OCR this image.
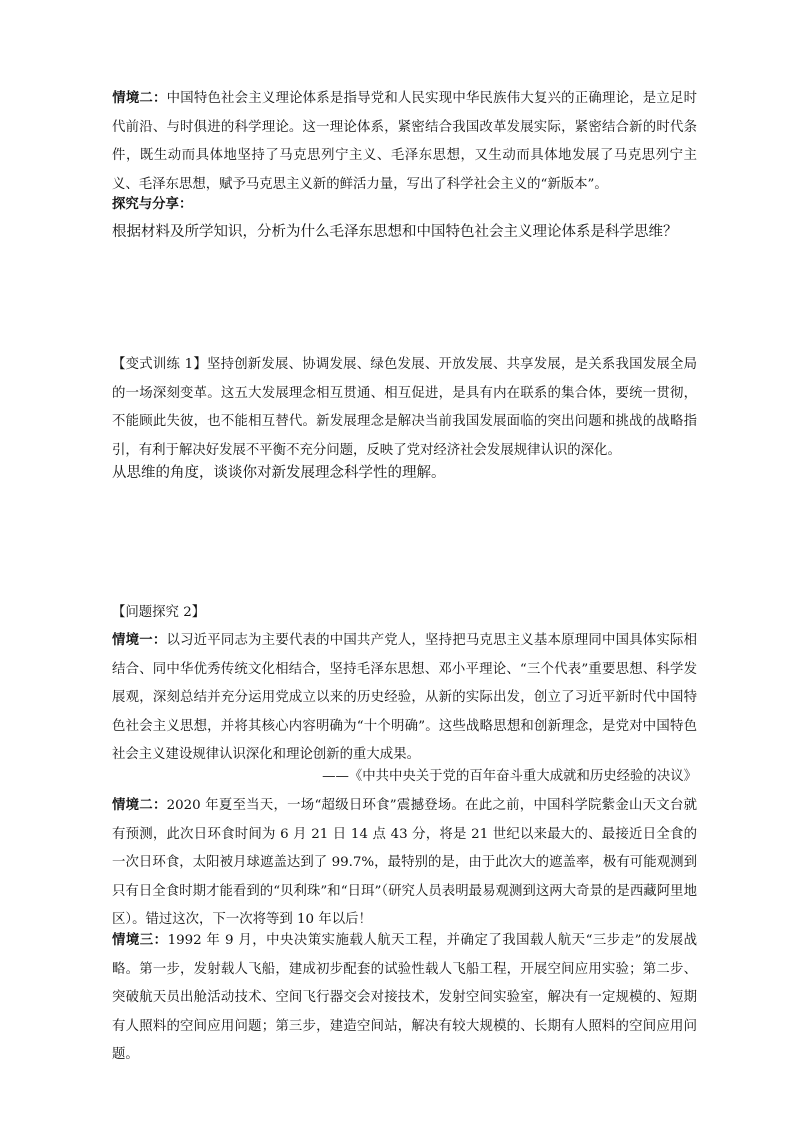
情境二：中国特色社会主义理论体系是指导党和人民实现中华民族伟大复兴的正确理论，是立足时代前沿、与时俱进的科学理论。这一理论体系，紧密结合我国改革发展实际，紧密结合新的时代条件，既生动而具体地坚持了马克思列宁主义、毛泽东思想，又生动而具体地发展了马克思列宁主义、毛泽东思想，赋予马克思主义新的鲜活力量，写出了科学社会主义的“新版本”。

探究与分享：

根据材料及所学知识，分析为什么毛泽东思想和中国特色社会主义理论体系是科学思维？

【变式训练 1】坚持创新发展、协调发展、绿色发展、开放发展、共享发展，是关系我国发展全局的一场深刻变革。这五大发展理念相互贯通、相互促进，是具有内在联系的集合体，要统一贯彻，不能顾此失彼，也不能相互替代。新发展理念是解决当前我国发展面临的突出问题和挑战的战略指引，有利于解决好发展不平衡不充分问题，反映了党对经济社会发展规律认识的深化。

从思维的角度，谈谈你对新发展理念科学性的理解。

【问题探究 2】

情境一：以习近平同志为主要代表的中国共产党人，坚持把马克思主义基本原理同中国具体实际相结合、同中华优秀传统文化相结合，坚持毛泽东思想、邓小平理论、“三个代表”重要思想、科学发展观，深刻总结并充分运用党成立以来的历史经验，从新的实际出发，创立了习近平新时代中国特色社会主义思想，并将其核心内容明确为“十个明确”。这些战略思想和创新理念，是党对中国特色社会主义建设规律认识深化和理论创新的重大成果。

——《中共中央关于党的百年奋斗重大成就和历史经验的决议》

情境二：2020 年夏至当天，一场“超级日环食”震撼登场。在此之前，中国科学院紫金山天文台就有预测，此次日环食时间为 6 月 21 日 14 点 43 分，将是 21 世纪以来最大的、最接近日全食的一次日环食，太阳被月球遮盖达到了 99.7%，最特别的是，由于此次大的遮盖率，极有可能观测到只有日全食时期才能看到的“贝利珠”和“日珥”（研究人员表明最易观测到这两大奇景的是西藏阿里地区）。错过这次，下一次将等到 10 年以后！

情境三：1992 年 9 月，中央决策实施载人航天工程，并确定了我国载人航天“三步走”的发展战略。第一步，发射载人飞船，建成初步配套的试验性载人飞船工程，开展空间应用实验；第二步、突破航天员出舱活动技术、空间飞行器交会对接技术，发射空间实验室，解决有一定规模的、短期有人照料的空间应用问题；第三步，建造空间站，解决有较大规模的、长期有人照料的空间应用问题。
